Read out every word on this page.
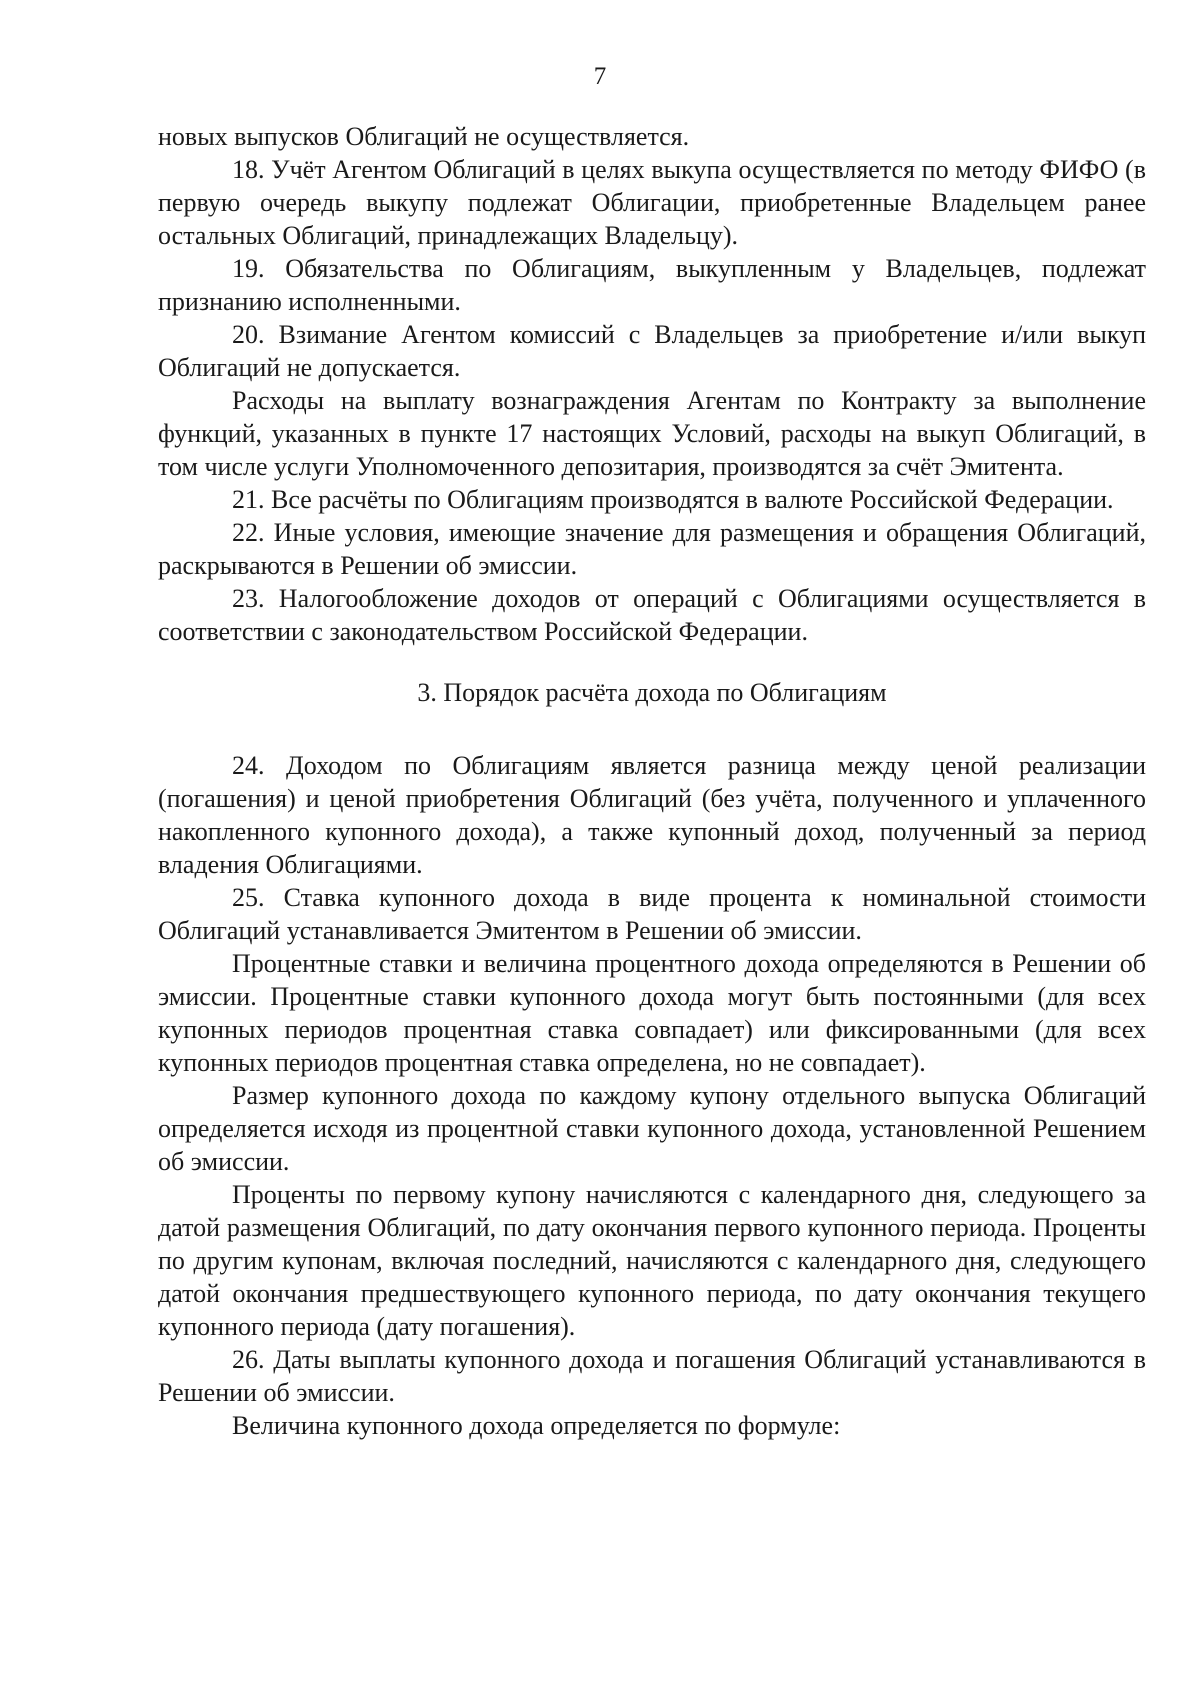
7

новых выпусков Облигаций не осуществляется.

18. Учёт Агентом Облигаций в целях выкупа осуществляется по методу ФИФО (в первую очередь выкупу подлежат Облигации, приобретенные Владельцем ранее остальных Облигаций, принадлежащих Владельцу).

19. Обязательства по Облигациям, выкупленным у Владельцев, подлежат признанию исполненными.

20. Взимание Агентом комиссий с Владельцев за приобретение и/или выкуп Облигаций не допускается.

Расходы на выплату вознаграждения Агентам по Контракту за выполнение функций, указанных в пункте 17 настоящих Условий, расходы на выкуп Облигаций, в том числе услуги Уполномоченного депозитария, производятся за счёт Эмитента.

21. Все расчёты по Облигациям производятся в валюте Российской Федерации.

22. Иные условия, имеющие значение для размещения и обращения Облигаций, раскрываются в Решении об эмиссии.

23. Налогообложение доходов от операций с Облигациями осуществляется в соответствии с законодательством Российской Федерации.

3. Порядок расчёта дохода по Облигациям

24. Доходом по Облигациям является разница между ценой реализации (погашения) и ценой приобретения Облигаций (без учёта, полученного и уплаченного накопленного купонного дохода), а также купонный доход, полученный за период владения Облигациями.

25. Ставка купонного дохода в виде процента к номинальной стоимости Облигаций устанавливается Эмитентом в Решении об эмиссии.

Процентные ставки и величина процентного дохода определяются в Решении об эмиссии. Процентные ставки купонного дохода могут быть постоянными (для всех купонных периодов процентная ставка совпадает) или фиксированными (для всех купонных периодов процентная ставка определена, но не совпадает).

Размер купонного дохода по каждому купону отдельного выпуска Облигаций определяется исходя из процентной ставки купонного дохода, установленной Решением об эмиссии.

Проценты по первому купону начисляются с календарного дня, следующего за датой размещения Облигаций, по дату окончания первого купонного периода. Проценты по другим купонам, включая последний, начисляются с календарного дня, следующего датой окончания предшествующего купонного периода, по дату окончания текущего купонного периода (дату погашения).

26. Даты выплаты купонного дохода и погашения Облигаций устанавливаются в Решении об эмиссии.

Величина купонного дохода определяется по формуле:
